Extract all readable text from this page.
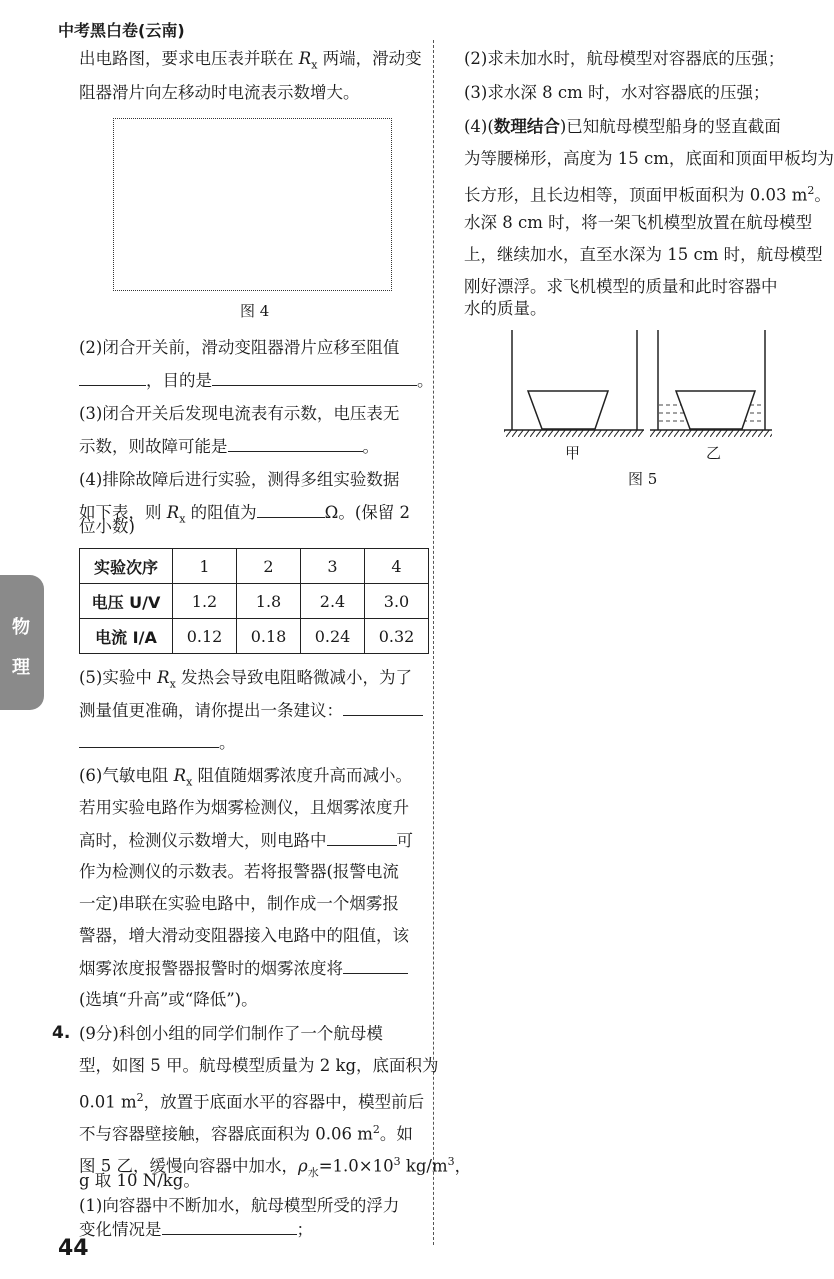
中考黑白卷(云南)
出电路图，要求电压表并联在 $R_x$ 两端，滑动变
阻器滑片向左移动时电流表示数增大。
图 4
(2)闭合开关前，滑动变阻器滑片应移至阻值
，目的是	。
(3)闭合开关后发现电流表有示数，电压表无
示数，则故障可能是	。
(4)排除故障后进行实验，测得多组实验数据
如下表，则 $R_x$ 的阻值为	Ω。(保留 2
位小数)
实验次序	1	2	3	4
电压 U/V	1.2	1.8	2.4	3.0
电流 I/A	0.12	0.18	0.24	0.32
(5)实验中 $R_x$ 发热会导致电阻略微减小，为了
测量值更准确，请你提出一条建议：
。
(6)气敏电阻 $R_x$ 阻值随烟雾浓度升高而减小。
若用实验电路作为烟雾检测仪，且烟雾浓度升
高时，检测仪示数增大，则电路中	可
作为检测仪的示数表。若将报警器(报警电流
一定)串联在实验电路中，制作成一个烟雾报
警器，增大滑动变阻器接入电路中的阻值，该
烟雾浓度报警器报警时的烟雾浓度将
(选填“升高”或“降低”)。
4. (9分)科创小组的同学们制作了一个航母模
型，如图 5 甲。航母模型质量为 2 kg，底面积为
0.01 $m^2$，放置于底面水平的容器中，模型前后
不与容器壁接触，容器底面积为 0.06 $m^2$。如
图 5 乙，缓慢向容器中加水，$\rho_水=1.0\times 10^3$ $kg/m^3$，
g 取 10 N/kg。
(1)向容器中不断加水，航母模型所受的浮力
变化情况是	；
(2)求未加水时，航母模型对容器底的压强；
(3)求水深 8 cm 时，水对容器底的压强；
(4)(数理结合)已知航母模型船身的竖直截面
为等腰梯形，高度为 15 cm，底面和顶面甲板均为
长方形，且长边相等，顶面甲板面积为 0.03 $m^2$。
水深 8 cm 时，将一架飞机模型放置在航母模型
上，继续加水，直至水深为 15 cm 时，航母模型
刚好漂浮。求飞机模型的质量和此时容器中
水的质量。
甲	乙
图 5
物
理
44
